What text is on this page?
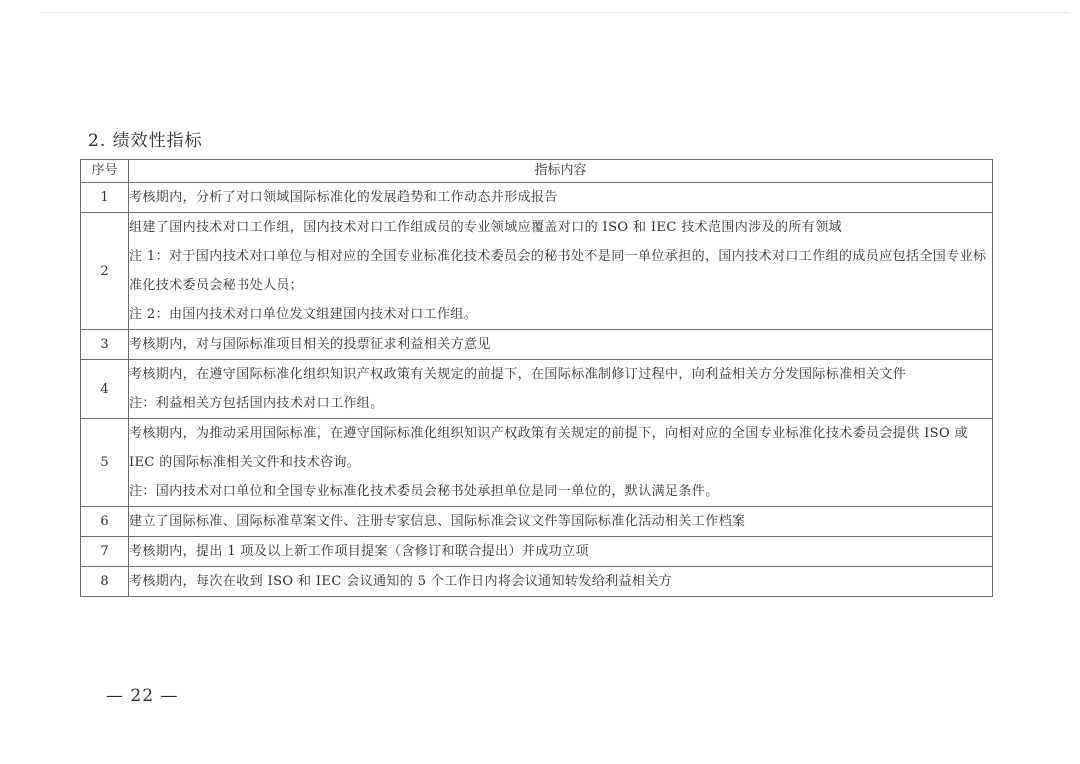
2. 绩效性指标
序号	指标内容
1	考核期内，分析了对口领域国际标准化的发展趋势和工作动态并形成报告

2	组建了国内技术对口工作组，国内技术对口工作组成员的专业领域应覆盖对口的 ISO 和 IEC 技术范围内涉及的所有领域
注 1：对于国内技术对口单位与相对应的全国专业标准化技术委员会的秘书处不是同一单位承担的，国内技术对口工作组的成员应包括全国专业标准化技术委员会秘书处人员；
注 2：由国内技术对口单位发文组建国内技术对口工作组。

3	考核期内，对与国际标准项目相关的投票征求利益相关方意见

4	考核期内，在遵守国际标准化组织知识产权政策有关规定的前提下，在国际标准制修订过程中，向利益相关方分发国际标准相关文件
注：利益相关方包括国内技术对口工作组。

5	考核期内，为推动采用国际标准，在遵守国际标准化组织知识产权政策有关规定的前提下，向相对应的全国专业标准化技术委员会提供 ISO 或 IEC 的国际标准相关文件和技术咨询。
注：国内技术对口单位和全国专业标准化技术委员会秘书处承担单位是同一单位的，默认满足条件。

6	建立了国际标准、国际标准草案文件、注册专家信息、国际标准会议文件等国际标准化活动相关工作档案

7	考核期内，提出 1 项及以上新工作项目提案（含修订和联合提出）并成功立项

8	考核期内，每次在收到 ISO 和 IEC 会议通知的 5 个工作日内将会议通知转发给利益相关方
— 22 —
